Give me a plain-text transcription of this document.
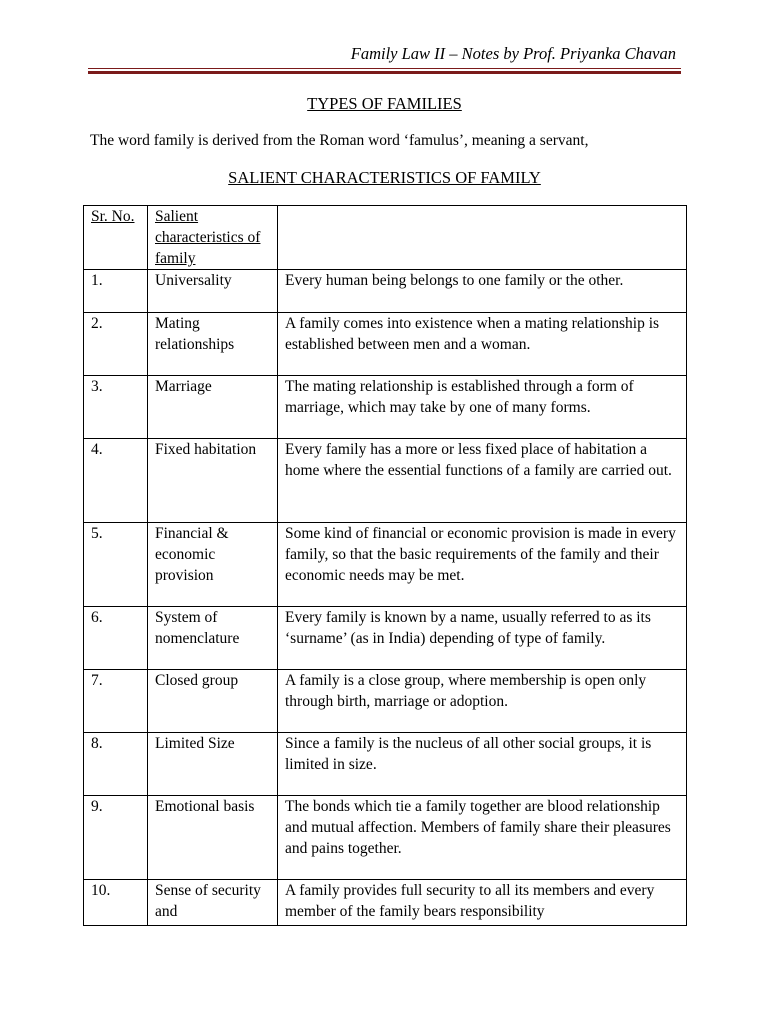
Family Law II – Notes by Prof. Priyanka Chavan
TYPES OF FAMILIES
The word family is derived from the Roman word ‘famulus’, meaning a servant,
SALIENT CHARACTERISTICS OF FAMILY
Sr. No.	Salient characteristics of family	
1.	Universality	Every human being belongs to one family or the other.
2.	Mating relationships	A family comes into existence when a mating relationship is established between men and a woman.
3.	Marriage	The mating relationship is established through a form of marriage, which may take by one of many forms.
4.	Fixed habitation	Every family has a more or less fixed place of habitation a home where the essential functions of a family are carried out.
5.	Financial & economic provision	Some kind of financial or economic provision is made in every family, so that the basic requirements of the family and their economic needs may be met.
6.	System of nomenclature	Every family is known by a name, usually referred to as its ‘surname’ (as in India) depending of type of family.
7.	Closed group	A family is a close group, where membership is open only through birth, marriage or adoption.
8.	Limited Size	Since a family is the nucleus of all other social groups, it is limited in size.
9.	Emotional basis	The bonds which tie a family together are blood relationship and mutual affection. Members of family share their pleasures and pains together.
10.	Sense of security and	A family provides full security to all its members and every member of the family bears responsibility
